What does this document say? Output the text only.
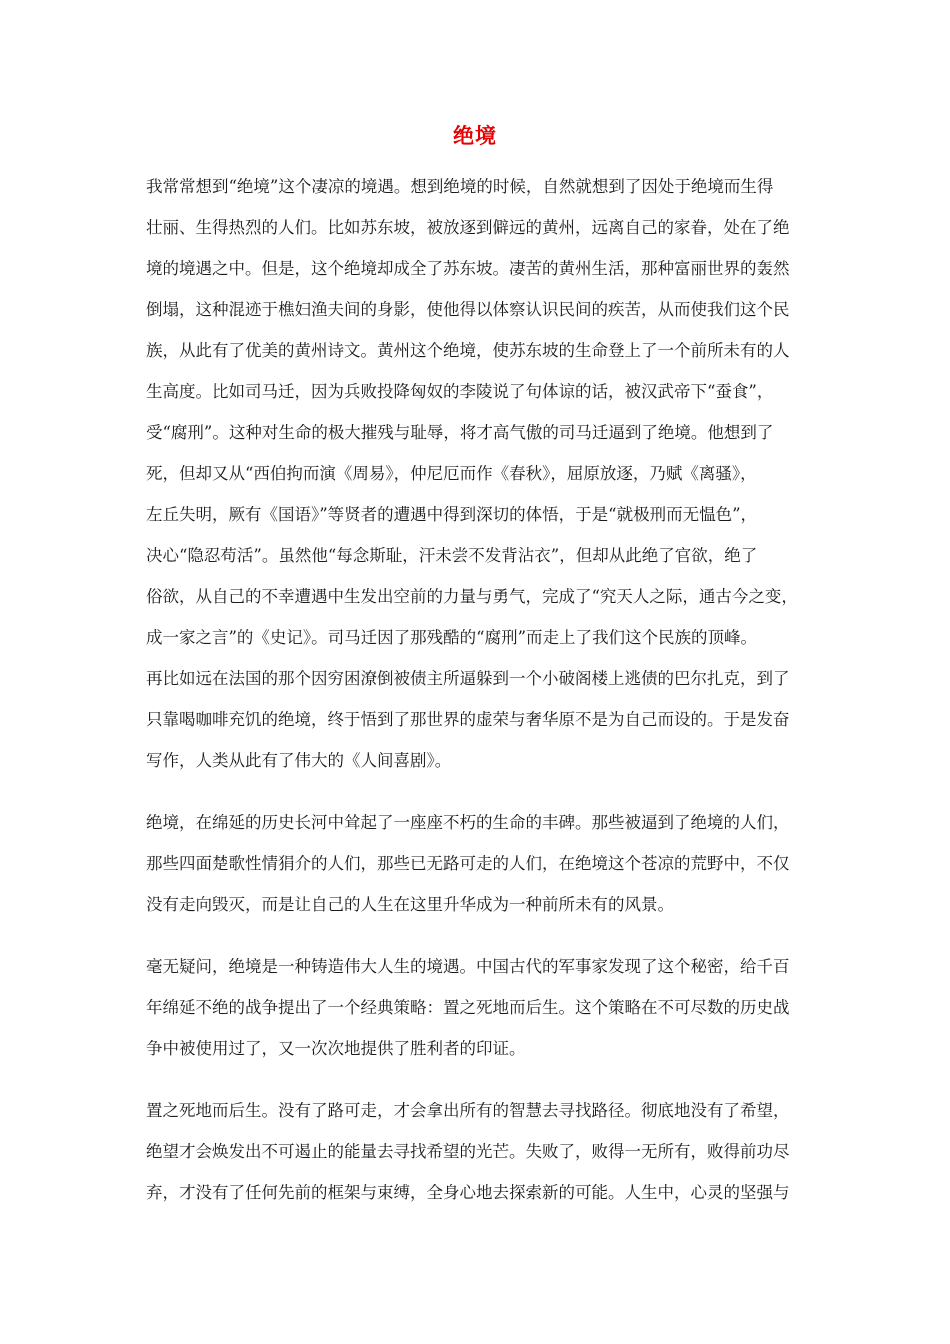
绝境
我常常想到“绝境”这个凄凉的境遇。想到绝境的时候，自然就想到了因处于绝境而生得
壮丽、生得热烈的人们。比如苏东坡，被放逐到僻远的黄州，远离自己的家眷，处在了绝
境的境遇之中。但是，这个绝境却成全了苏东坡。凄苦的黄州生活，那种富丽世界的轰然
倒塌，这种混迹于樵妇渔夫间的身影，使他得以体察认识民间的疾苦，从而使我们这个民
族，从此有了优美的黄州诗文。黄州这个绝境，使苏东坡的生命登上了一个前所未有的人
生高度。比如司马迁，因为兵败投降匈奴的李陵说了句体谅的话，被汉武帝下“蚕食”，
受“腐刑”。这种对生命的极大摧残与耻辱，将才高气傲的司马迁逼到了绝境。他想到了
死，但却又从“西伯拘而演《周易》，仲尼厄而作《春秋》，屈原放逐，乃赋《离骚》，
左丘失明，厥有《国语》”等贤者的遭遇中得到深切的体悟，于是“就极刑而无愠色”，
决心“隐忍苟活”。虽然他“每念斯耻，汗未尝不发背沾衣”，但却从此绝了官欲，绝了
俗欲，从自己的不幸遭遇中生发出空前的力量与勇气，完成了“究天人之际，通古今之变，
成一家之言”的《史记》。司马迁因了那残酷的“腐刑”而走上了我们这个民族的顶峰。
再比如远在法国的那个因穷困潦倒被债主所逼躲到一个小破阁楼上逃债的巴尔扎克，到了
只靠喝咖啡充饥的绝境，终于悟到了那世界的虚荣与奢华原不是为自己而设的。于是发奋
写作，人类从此有了伟大的《人间喜剧》。
绝境，在绵延的历史长河中耸起了一座座不朽的生命的丰碑。那些被逼到了绝境的人们，
那些四面楚歌性情狷介的人们，那些已无路可走的人们，在绝境这个苍凉的荒野中，不仅
没有走向毁灭，而是让自己的人生在这里升华成为一种前所未有的风景。
毫无疑问，绝境是一种铸造伟大人生的境遇。中国古代的军事家发现了这个秘密，给千百
年绵延不绝的战争提出了一个经典策略：置之死地而后生。这个策略在不可尽数的历史战
争中被使用过了，又一次次地提供了胜利者的印证。
置之死地而后生。没有了路可走，才会拿出所有的智慧去寻找路径。彻底地没有了希望，
绝望才会焕发出不可遏止的能量去寻找希望的光芒。失败了，败得一无所有，败得前功尽
弃，才没有了任何先前的框架与束缚，全身心地去探索新的可能。人生中，心灵的坚强与
